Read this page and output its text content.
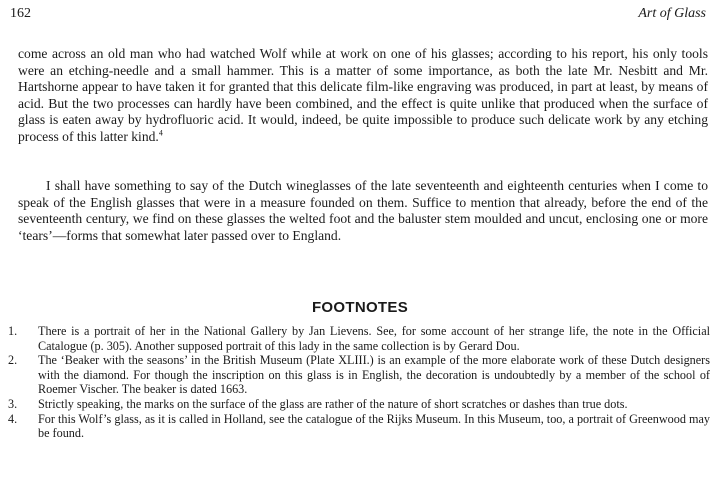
162	Art of Glass

come across an old man who had watched Wolf while at work on one of his glasses; according to his report, his only tools were an etching-needle and a small hammer. This is a matter of some importance, as both the late Mr. Nesbitt and Mr. Hartshorne appear to have taken it for granted that this delicate film-like engraving was produced, in part at least, by means of acid. But the two processes can hardly have been combined, and the effect is quite unlike that produced when the surface of glass is eaten away by hydrofluoric acid. It would, indeed, be quite impossible to produce such delicate work by any etching process of this latter kind.$^4$

I shall have something to say of the Dutch wineglasses of the late seventeenth and eighteenth centuries when I come to speak of the English glasses that were in a measure founded on them. Suffice to mention that already, before the end of the seventeenth century, we find on these glasses the welted foot and the baluster stem moulded and uncut, enclosing one or more ‘tears’—forms that somewhat later passed over to England.

FOOTNOTES
1.	There is a portrait of her in the National Gallery by Jan Lievens. See, for some account of her strange life, the note in the Official Catalogue (p. 305). Another supposed portrait of this lady in the same collection is by Gerard Dou.
2.	The ‘Beaker with the seasons’ in the British Museum (Plate XLIII.) is an example of the more elaborate work of these Dutch designers with the diamond. For though the inscription on this glass is in English, the decoration is undoubtedly by a member of the school of Roemer Vischer. The beaker is dated 1663.
3.	Strictly speaking, the marks on the surface of the glass are rather of the nature of short scratches or dashes than true dots.
4.	For this Wolf’s glass, as it is called in Holland, see the catalogue of the Rijks Museum. In this Museum, too, a portrait of Greenwood may be found.
